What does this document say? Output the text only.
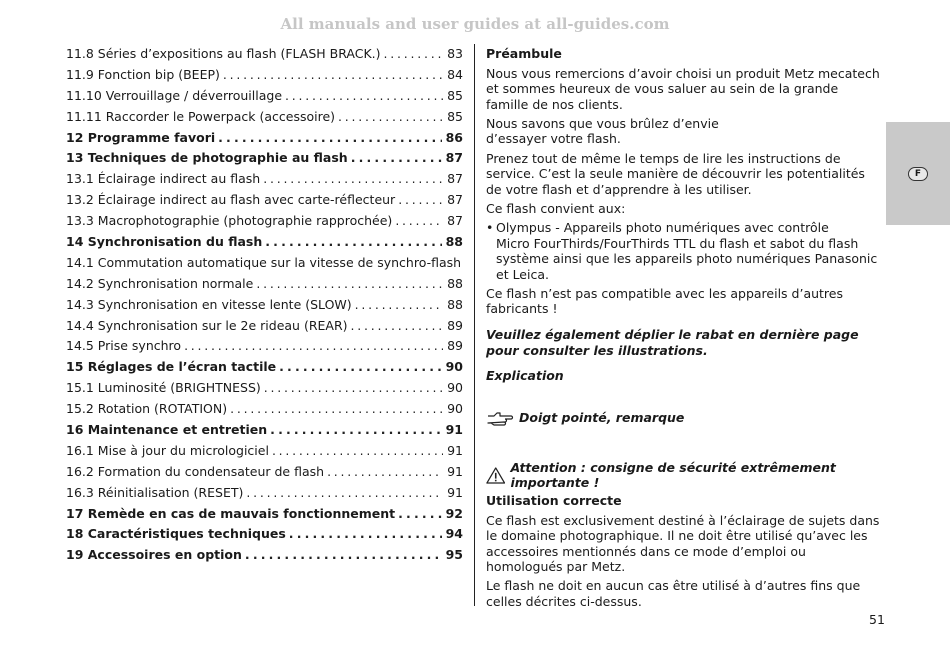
All manuals and user guides at all-guides.com
11.8 Séries d’expositions au flash (FLASH BRACK.) . . .	83
11.9 Fonction bip (BEEP) . . .	84
11.10 Verrouillage / déverrouillage . . .	85
11.11 Raccorder le Powerpack (accessoire) . . .	85
12 Programme favori . . .	86
13 Techniques de photographie au flash . . .	87
13.1 Éclairage indirect au flash . . .	87
13.2 Éclairage indirect au flash avec carte-réflecteur . . .	87
13.3 Macrophotographie (photographie rapprochée) . . .	87
14 Synchronisation du flash . . .	88
14.1 Commutation automatique sur la vitesse de synchro-flash
14.2 Synchronisation normale . . .	88
14.3 Synchronisation en vitesse lente (SLOW) . . .	88
14.4 Synchronisation sur le 2e rideau (REAR) . . .	89
14.5 Prise synchro . . .	89
15 Réglages de l’écran tactile . . .	90
15.1 Luminosité (BRIGHTNESS) . . .	90
15.2 Rotation (ROTATION) . . .	90
16 Maintenance et entretien . . .	91
16.1 Mise à jour du micrologiciel . . .	91
16.2 Formation du condensateur de flash . . .	91
16.3 Réinitialisation (RESET) . . .	91
17 Remède en cas de mauvais fonctionnement . . .	92
18 Caractéristiques techniques . . .	94
19 Accessoires en option . . .	95

Préambule

Nous vous remercions d’avoir choisi un produit Metz mecatech et sommes heureux de vous saluer au sein de la grande famille de nos clients.

Nous savons que vous brûlez d’envie
d’essayer votre flash.

Prenez tout de même le temps de lire les instructions de service. C’est la seule manière de découvrir les potentialités de votre flash et d’apprendre à les utiliser.

Ce flash convient aux:

• Olympus - Appareils photo numériques avec contrôle
Micro FourThirds/FourThirds TTL du flash et sabot du flash
système ainsi que les appareils photo numériques Panasonic
et Leica.

Ce flash n’est pas compatible avec les appareils d’autres fabricants !

Veuillez également déplier le rabat en dernière page pour consulter les illustrations.

Explication

Doigt pointé, remarque
Attention : consigne de sécurité extrêmement importante !

Utilisation correcte

Ce flash est exclusivement destiné à l’éclairage de sujets dans le domaine photographique. Il ne doit être utilisé qu’avec les accessoires mentionnés dans ce mode d’emploi ou homologués par Metz.

Le flash ne doit en aucun cas être utilisé à d’autres fins que celles décrites ci-dessus.

F
51
